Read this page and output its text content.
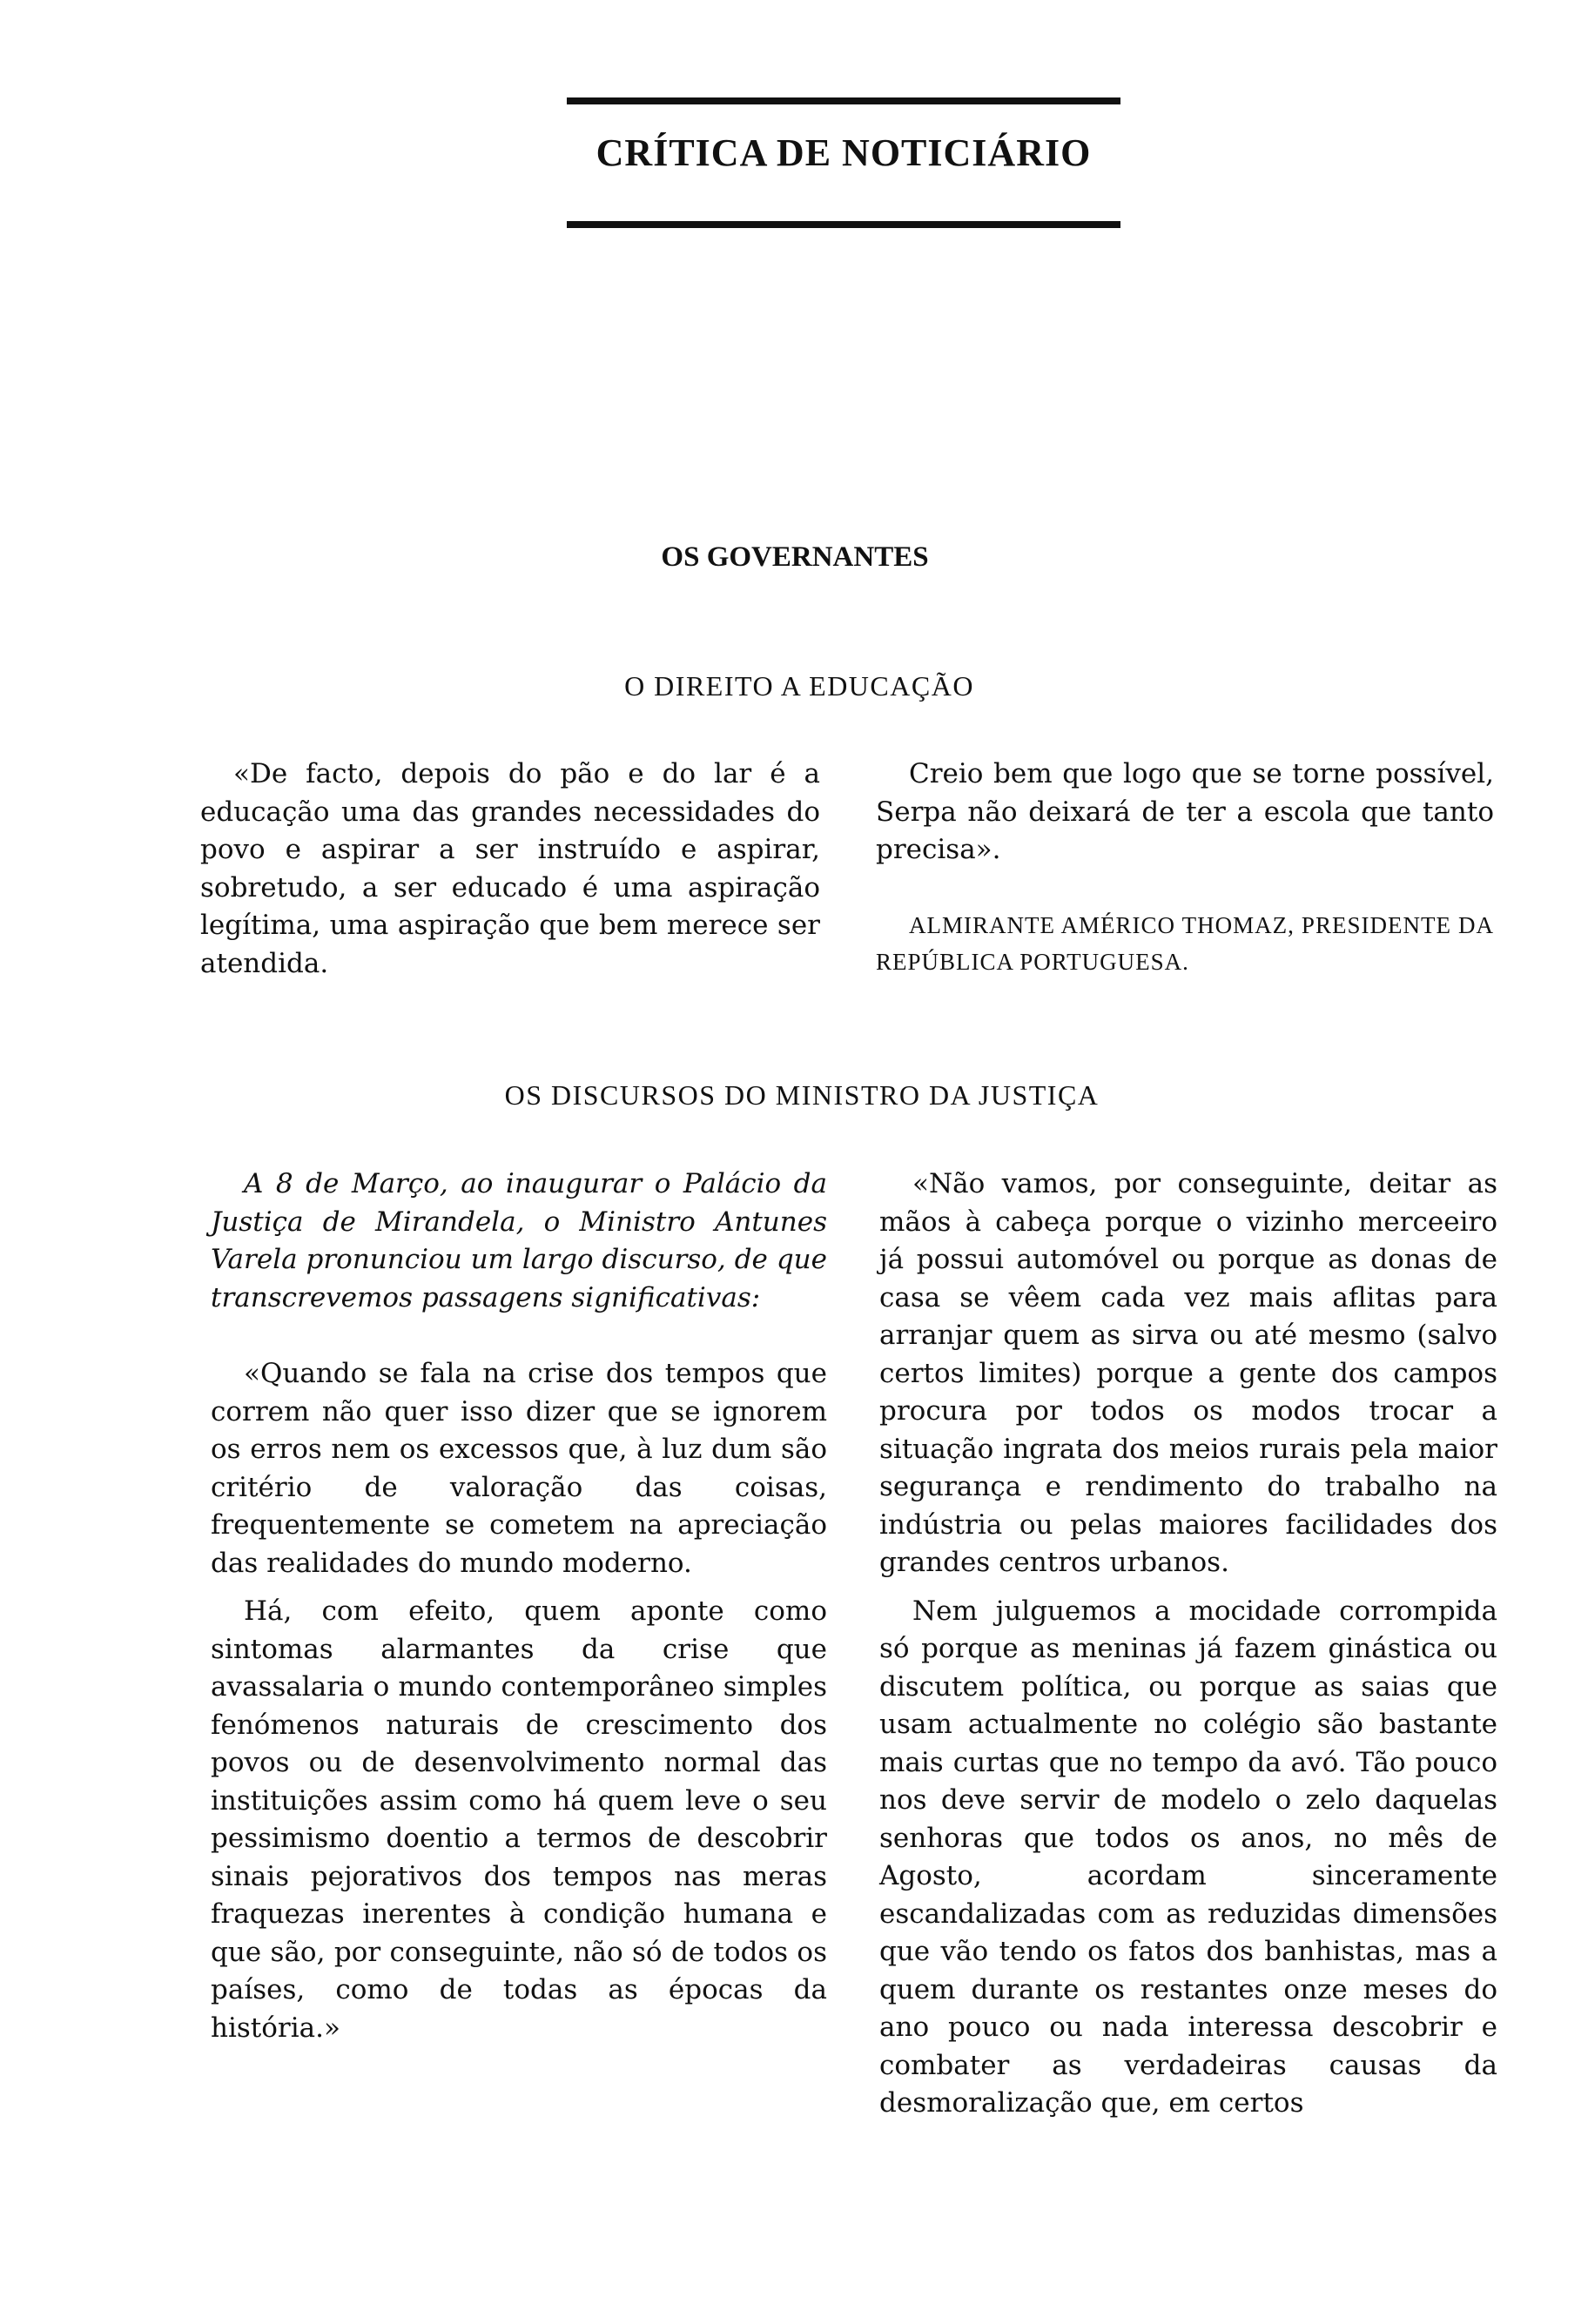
CRÍTICA DE NOTICIÁRIO
OS GOVERNANTES
O DIREITO A EDUCAÇÃO

«De facto, depois do pão e do lar é a educação uma das grandes necessidades do povo e aspirar a ser instruído e aspirar, sobretudo, a ser educado é uma aspiração legítima, uma aspiração que bem merece ser atendida.

Creio bem que logo que se torne possível, Serpa não deixará de ter a escola que tanto precisa».

ALMIRANTE AMÉRICO THOMAZ, PRESIDENTE DA REPÚBLICA PORTUGUESA.
OS DISCURSOS DO MINISTRO DA JUSTIÇA

A 8 de Março, ao inaugurar o Palácio da Justiça de Mirandela, o Ministro Antunes Varela pronunciou um largo discurso, de que transcrevemos passagens significativas:

«Quando se fala na crise dos tempos que correm não quer isso dizer que se ignorem os erros nem os excessos que, à luz dum são critério de valoração das coisas, frequentemente se cometem na apreciação das realidades do mundo moderno.

Há, com efeito, quem aponte como sintomas alarmantes da crise que avassalaria o mundo contemporâneo simples fenómenos naturais de crescimento dos povos ou de desenvolvimento normal das instituições assim como há quem leve o seu pessimismo doentio a termos de descobrir sinais pejorativos dos tempos nas meras fraquezas inerentes à condição humana e que são, por conseguinte, não só de todos os países, como de todas as épocas da história.»

«Não vamos, por conseguinte, deitar as mãos à cabeça porque o vizinho merceeiro já possui automóvel ou porque as donas de casa se vêem cada vez mais aflitas para arranjar quem as sirva ou até mesmo (salvo certos limites) porque a gente dos campos procura por todos os modos trocar a situação ingrata dos meios rurais pela maior segurança e rendimento do trabalho na indústria ou pelas maiores facilidades dos grandes centros urbanos.

Nem julguemos a mocidade corrompida só porque as meninas já fazem ginástica ou discutem política, ou porque as saias que usam actualmente no colégio são bastante mais curtas que no tempo da avó. Tão pouco nos deve servir de modelo o zelo daquelas senhoras que todos os anos, no mês de Agosto, acordam sinceramente escandalizadas com as reduzidas dimensões que vão tendo os fatos dos banhistas, mas a quem durante os restantes onze meses do ano pouco ou nada interessa descobrir e combater as verdadeiras causas da desmoralização que, em certos
